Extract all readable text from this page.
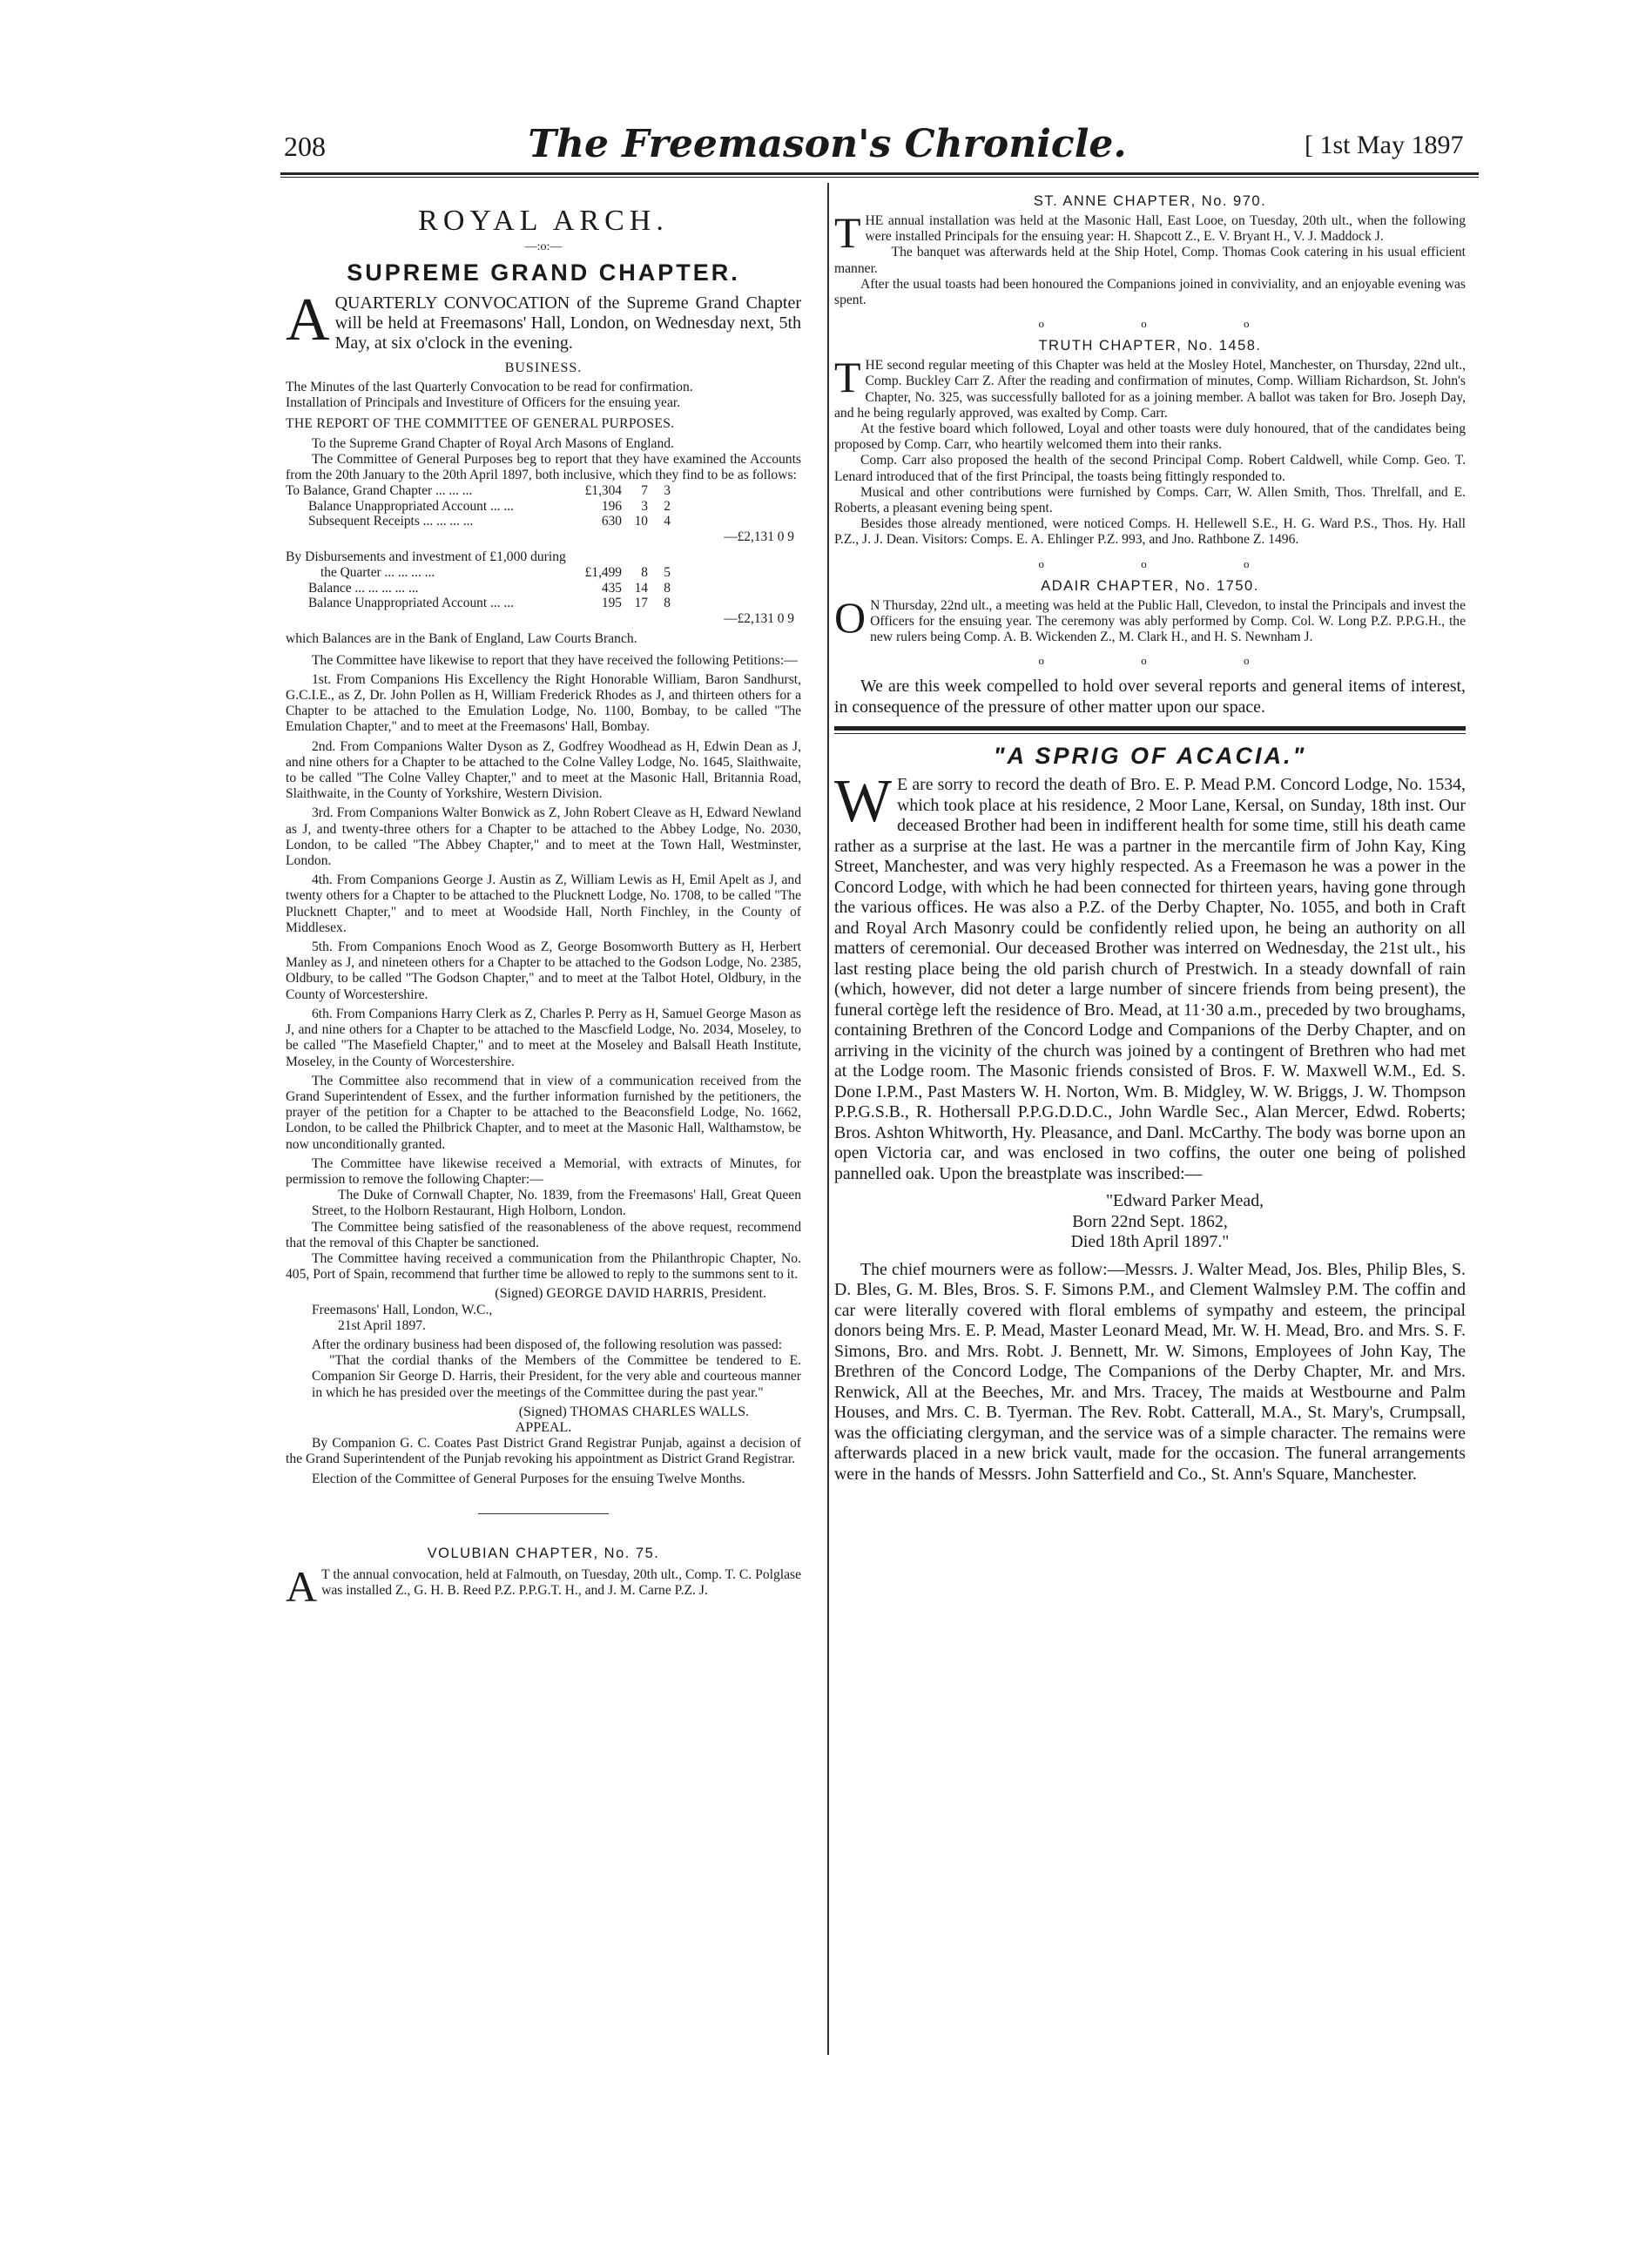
208	The Freemason's Chronicle.	[ 1st May 1897

ROYAL ARCH.

—:o:—

SUPREME GRAND CHAPTER.

AQUARTERLY CONVOCATION of the Supreme Grand Chapter will be held at Freemasons' Hall, London, on Wednesday next, 5th May, at six o'clock in the evening.

BUSINESS.

The Minutes of the last Quarterly Convocation to be read for confirmation.

Installation of Principals and Investiture of Officers for the ensuing year.

THE REPORT OF THE COMMITTEE OF GENERAL PURPOSES.

To the Supreme Grand Chapter of Royal Arch Masons of England.

The Committee of General Purposes beg to report that they have examined the Accounts from the 20th January to the 20th April 1897, both inclusive, which they find to be as follows:

To Balance, Grand Chapter ... ... ...	£1,304	7	3	
Balance Unappropriated Account ... ...	196	3	2	
Subsequent Receipts ... ... ... ...	630	10	4	
	—£2,131 0 9			

By Disbursements and investment of £1,000 during

the Quarter ... ... ... ...	£1,499	8	5	
Balance ... ... ... ... ...	435	14	8	
Balance Unappropriated Account ... ...	195	17	8	
	—£2,131 0 9			

which Balances are in the Bank of England, Law Courts Branch.

The Committee have likewise to report that they have received the following Petitions:—

1st. From Companions His Excellency the Right Honorable William, Baron Sandhurst, G.C.I.E., as Z, Dr. John Pollen as H, William Frederick Rhodes as J, and thirteen others for a Chapter to be attached to the Emulation Lodge, No. 1100, Bombay, to be called "The Emulation Chapter," and to meet at the Freemasons' Hall, Bombay.

2nd. From Companions Walter Dyson as Z, Godfrey Woodhead as H, Edwin Dean as J, and nine others for a Chapter to be attached to the Colne Valley Lodge, No. 1645, Slaithwaite, to be called "The Colne Valley Chapter," and to meet at the Masonic Hall, Britannia Road, Slaithwaite, in the County of Yorkshire, Western Division.

3rd. From Companions Walter Bonwick as Z, John Robert Cleave as H, Edward Newland as J, and twenty-three others for a Chapter to be attached to the Abbey Lodge, No. 2030, London, to be called "The Abbey Chapter," and to meet at the Town Hall, Westminster, London.

4th. From Companions George J. Austin as Z, William Lewis as H, Emil Apelt as J, and twenty others for a Chapter to be attached to the Plucknett Lodge, No. 1708, to be called "The Plucknett Chapter," and to meet at Woodside Hall, North Finchley, in the County of Middlesex.

5th. From Companions Enoch Wood as Z, George Bosomworth Buttery as H, Herbert Manley as J, and nineteen others for a Chapter to be attached to the Godson Lodge, No. 2385, Oldbury, to be called "The Godson Chapter," and to meet at the Talbot Hotel, Oldbury, in the County of Worcestershire.

6th. From Companions Harry Clerk as Z, Charles P. Perry as H, Samuel George Mason as J, and nine others for a Chapter to be attached to the Mascfield Lodge, No. 2034, Moseley, to be called "The Masefield Chapter," and to meet at the Moseley and Balsall Heath Institute, Moseley, in the County of Worcestershire.

The Committee also recommend that in view of a communication received from the Grand Superintendent of Essex, and the further information furnished by the petitioners, the prayer of the petition for a Chapter to be attached to the Beaconsfield Lodge, No. 1662, London, to be called the Philbrick Chapter, and to meet at the Masonic Hall, Walthamstow, be now unconditionally granted.

The Committee have likewise received a Memorial, with extracts of Minutes, for permission to remove the following Chapter:—

The Duke of Cornwall Chapter, No. 1839, from the Freemasons' Hall, Great Queen Street, to the Holborn Restaurant, High Holborn, London.

The Committee being satisfied of the reasonableness of the above request, recommend that the removal of this Chapter be sanctioned.

The Committee having received a communication from the Philanthropic Chapter, No. 405, Port of Spain, recommend that further time be allowed to reply to the summons sent to it.

(Signed) GEORGE DAVID HARRIS, President.

Freemasons' Hall, London, W.C.,

21st April 1897.

After the ordinary business had been disposed of, the following resolution was passed:

"That the cordial thanks of the Members of the Committee be tendered to E. Companion Sir George D. Harris, their President, for the very able and courteous manner in which he has presided over the meetings of the Committee during the past year."

(Signed) THOMAS CHARLES WALLS.

APPEAL.

By Companion G. C. Coates Past District Grand Registrar Punjab, against a decision of the Grand Superintendent of the Punjab revoking his appointment as District Grand Registrar.

Election of the Committee of General Purposes for the ensuing Twelve Months.

VOLUBIAN CHAPTER, No. 75.

A T the annual convocation, held at Falmouth, on Tuesday, 20th ult., Comp. T. C. Polglase was installed Z., G. H. B. Reed P.Z. P.P.G.T. H., and J. M. Carne P.Z. J.

ST. ANNE CHAPTER, No. 970.

THE annual installation was held at the Masonic Hall, East Looe, on Tuesday, 20th ult., when the following were installed Principals for the ensuing year: H. Shapcott Z., E. V. Bryant H., V. J. Maddock J.

The banquet was afterwards held at the Ship Hotel, Comp. Thomas Cook catering in his usual efficient manner.

After the usual toasts had been honoured the Companions joined in conviviality, and an enjoyable evening was spent.

o o o

TRUTH CHAPTER, No. 1458.

THE second regular meeting of this Chapter was held at the Mosley Hotel, Manchester, on Thursday, 22nd ult., Comp. Buckley Carr Z. After the reading and confirmation of minutes, Comp. William Richardson, St. John's Chapter, No. 325, was successfully balloted for as a joining member. A ballot was taken for Bro. Joseph Day, and he being regularly approved, was exalted by Comp. Carr.

At the festive board which followed, Loyal and other toasts were duly honoured, that of the candidates being proposed by Comp. Carr, who heartily welcomed them into their ranks.

Comp. Carr also proposed the health of the second Principal Comp. Robert Caldwell, while Comp. Geo. T. Lenard introduced that of the first Principal, the toasts being fittingly responded to.

Musical and other contributions were furnished by Comps. Carr, W. Allen Smith, Thos. Threlfall, and E. Roberts, a pleasant evening being spent.

Besides those already mentioned, were noticed Comps. H. Hellewell S.E., H. G. Ward P.S., Thos. Hy. Hall P.Z., J. J. Dean. Visitors: Comps. E. A. Ehlinger P.Z. 993, and Jno. Rathbone Z. 1496.

o o o

ADAIR CHAPTER, No. 1750.

O N Thursday, 22nd ult., a meeting was held at the Public Hall, Clevedon, to instal the Principals and invest the Officers for the ensuing year. The ceremony was ably performed by Comp. Col. W. Long P.Z. P.P.G.H., the new rulers being Comp. A. B. Wickenden Z., M. Clark H., and H. S. Newnham J.

o o o

We are this week compelled to hold over several reports and general items of interest, in consequence of the pressure of other matter upon our space.

"A SPRIG OF ACACIA."

W E are sorry to record the death of Bro. E. P. Mead P.M. Concord Lodge, No. 1534, which took place at his residence, 2 Moor Lane, Kersal, on Sunday, 18th inst. Our deceased Brother had been in indifferent health for some time, still his death came rather as a surprise at the last. He was a partner in the mercantile firm of John Kay, King Street, Manchester, and was very highly respected. As a Freemason he was a power in the Concord Lodge, with which he had been connected for thirteen years, having gone through the various offices. He was also a P.Z. of the Derby Chapter, No. 1055, and both in Craft and Royal Arch Masonry could be confidently relied upon, he being an authority on all matters of ceremonial. Our deceased Brother was interred on Wednesday, the 21st ult., his last resting place being the old parish church of Prestwich. In a steady downfall of rain (which, however, did not deter a large number of sincere friends from being present), the funeral cortège left the residence of Bro. Mead, at 11·30 a.m., preceded by two broughams, containing Brethren of the Concord Lodge and Companions of the Derby Chapter, and on arriving in the vicinity of the church was joined by a contingent of Brethren who had met at the Lodge room. The Masonic friends consisted of Bros. F. W. Maxwell W.M., Ed. S. Done I.P.M., Past Masters W. H. Norton, Wm. B. Midgley, W. W. Briggs, J. W. Thompson P.P.G.S.B., R. Hothersall P.P.G.D.D.C., John Wardle Sec., Alan Mercer, Edwd. Roberts; Bros. Ashton Whitworth, Hy. Pleasance, and Danl. McCarthy. The body was borne upon an open Victoria car, and was enclosed in two coffins, the outer one being of polished pannelled oak. Upon the breastplate was inscribed:—

"Edward Parker Mead,

Born 22nd Sept. 1862,

Died 18th April 1897."

The chief mourners were as follow:—Messrs. J. Walter Mead, Jos. Bles, Philip Bles, S. D. Bles, G. M. Bles, Bros. S. F. Simons P.M., and Clement Walmsley P.M. The coffin and car were literally covered with floral emblems of sympathy and esteem, the principal donors being Mrs. E. P. Mead, Master Leonard Mead, Mr. W. H. Mead, Bro. and Mrs. S. F. Simons, Bro. and Mrs. Robt. J. Bennett, Mr. W. Simons, Employees of John Kay, The Brethren of the Concord Lodge, The Companions of the Derby Chapter, Mr. and Mrs. Renwick, All at the Beeches, Mr. and Mrs. Tracey, The maids at Westbourne and Palm Houses, and Mrs. C. B. Tyerman. The Rev. Robt. Catterall, M.A., St. Mary's, Crumpsall, was the officiating clergyman, and the service was of a simple character. The remains were afterwards placed in a new brick vault, made for the occasion. The funeral arrangements were in the hands of Messrs. John Satterfield and Co., St. Ann's Square, Manchester.
